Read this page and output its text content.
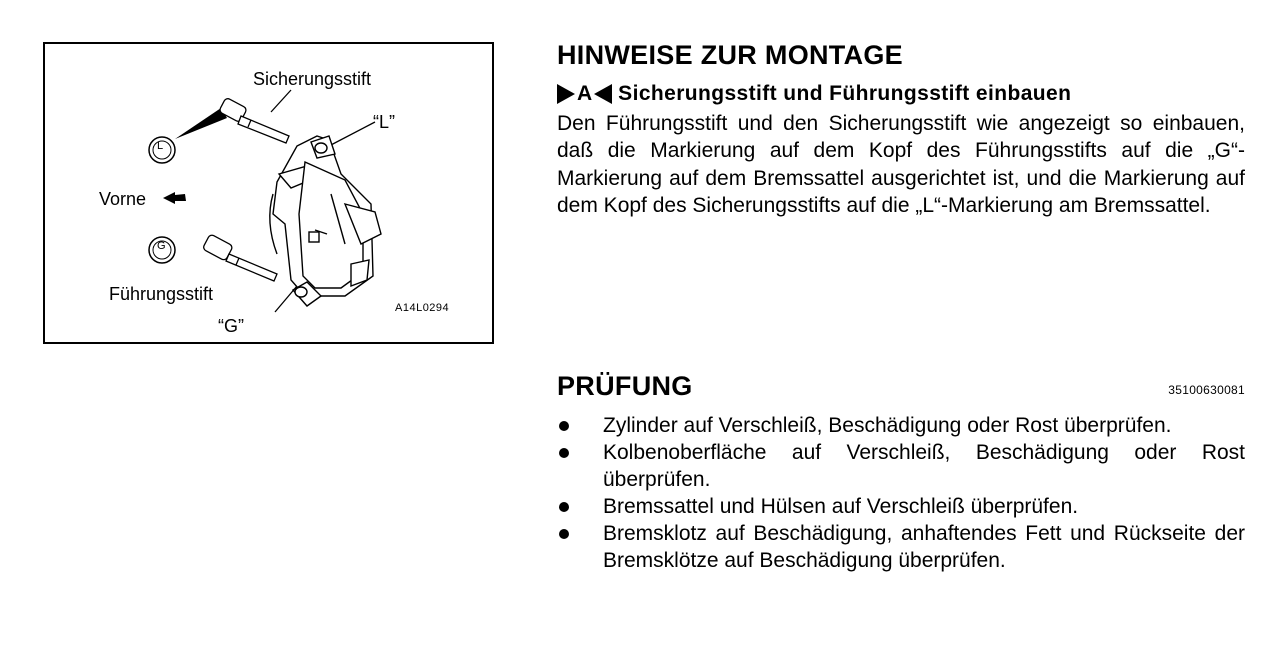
Sicherungsstift
“L”
L
Vorne
G
Führungsstift
“G”
A14L0294
HINWEISE ZUR MONTAGE
A Sicherungsstift und Führungsstift einbauen
Den Führungsstift und den Sicherungsstift wie angezeigt so einbauen, daß die Markierung auf dem Kopf des Führungsstifts auf die „G“-Markierung auf dem Bremssattel ausgerichtet ist, und die Markierung auf dem Kopf des Sicherungsstifts auf die „L“-Markierung am Bremssattel.
PRÜFUNG	35100630081
Zylinder auf Verschleiß, Beschädigung oder Rost überprüfen.
Kolbenoberfläche auf Verschleiß, Beschädigung oder Rost überprüfen.
Bremssattel und Hülsen auf Verschleiß überprüfen.
Bremsklotz auf Beschädigung, anhaftendes Fett und Rückseite der Bremsklötze auf Beschädigung überprüfen.
